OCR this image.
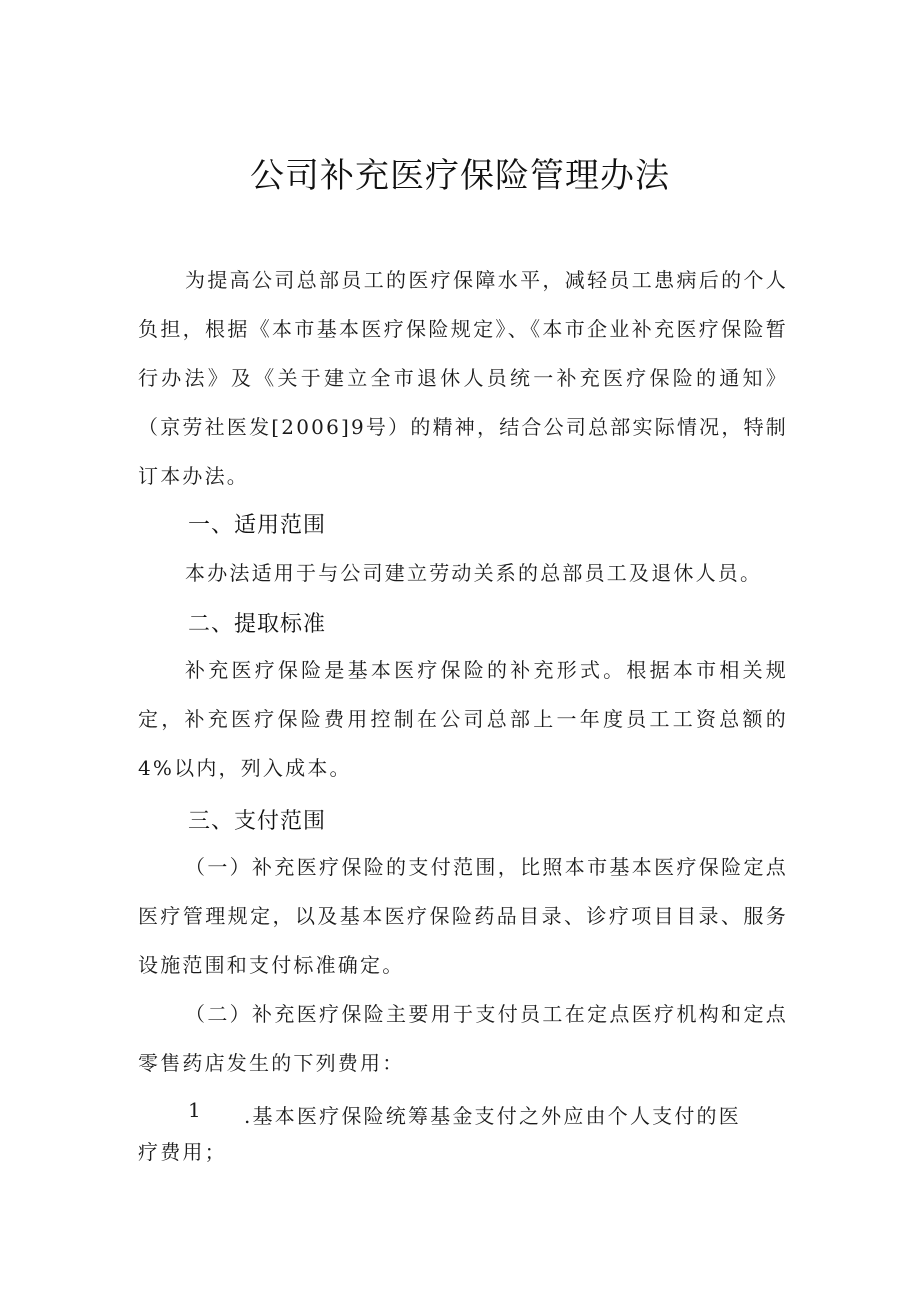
公司补充医疗保险管理办法

为提高公司总部员工的医疗保障水平，减轻员工患病后的个人负担，根据《本市基本医疗保险规定》、《本市企业补充医疗保险暂行办法》及《关于建立全市退休人员统一补充医疗保险的通知》（京劳社医发[2006]9号）的精神，结合公司总部实际情况，特制订本办法。

一、适用范围

本办法适用于与公司建立劳动关系的总部员工及退休人员。

二、提取标准

补充医疗保险是基本医疗保险的补充形式。根据本市相关规定，补充医疗保险费用控制在公司总部上一年度员工工资总额的4%以内，列入成本。

三、支付范围

（一）补充医疗保险的支付范围，比照本市基本医疗保险定点医疗管理规定，以及基本医疗保险药品目录、诊疗项目目录、服务设施范围和支付标准确定。

（二）补充医疗保险主要用于支付员工在定点医疗机构和定点零售药店发生的下列费用：

1	.基本医疗保险统筹基金支付之外应由个人支付的医
疗费用；
